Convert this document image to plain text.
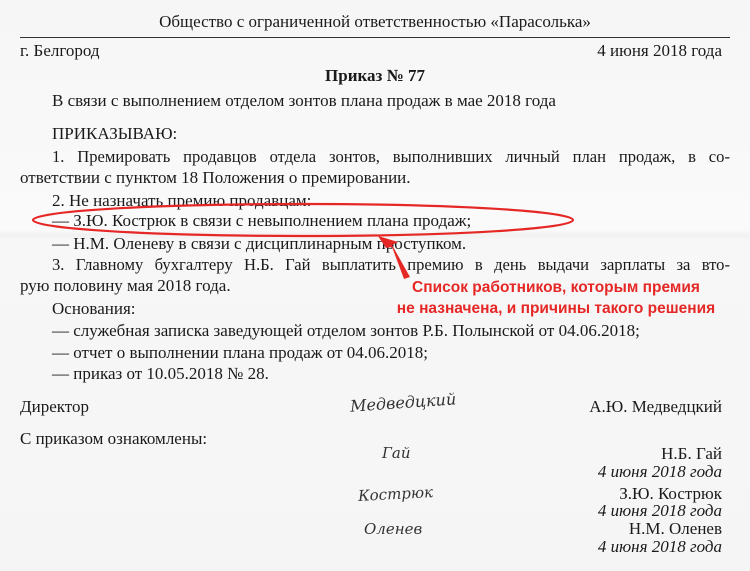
Общество с ограниченной ответственностью «Парасолька»
г. Белгород	4 июня 2018 года
Приказ № 77
В связи с выполнением отделом зонтов плана продаж в мае 2018 года
ПРИКАЗЫВАЮ:
1. Премировать продавцов отдела зонтов, выполнивших личный план продаж, в со-
ответствии с пунктом 18 Положения о премировании.
2. Не назначать премию продавцам:
— З.Ю. Кострюк в связи с невыполнением плана продаж;
— Н.М. Оленеву в связи с дисциплинарным проступком.
3. Главному бухгалтеру Н.Б. Гай выплатить премию в день выдачи зарплаты за вто-
рую половину мая 2018 года.
Основания:
— служебная записка заведующей отделом зонтов Р.Б. Полынской от 04.06.2018;
— отчет о выполнении плана продаж от 04.06.2018;
— приказ от 10.05.2018 № 28.
Директор	Медведцкий	А.Ю. Медведцкий
С приказом ознакомлены:
Гай	Н.Б. Гай
4 июня 2018 года
Кострюк	З.Ю. Кострюк
4 июня 2018 года
Оленев	Н.М. Оленев
4 июня 2018 года
Список работников, которым премия
не назначена, и причины такого решения
